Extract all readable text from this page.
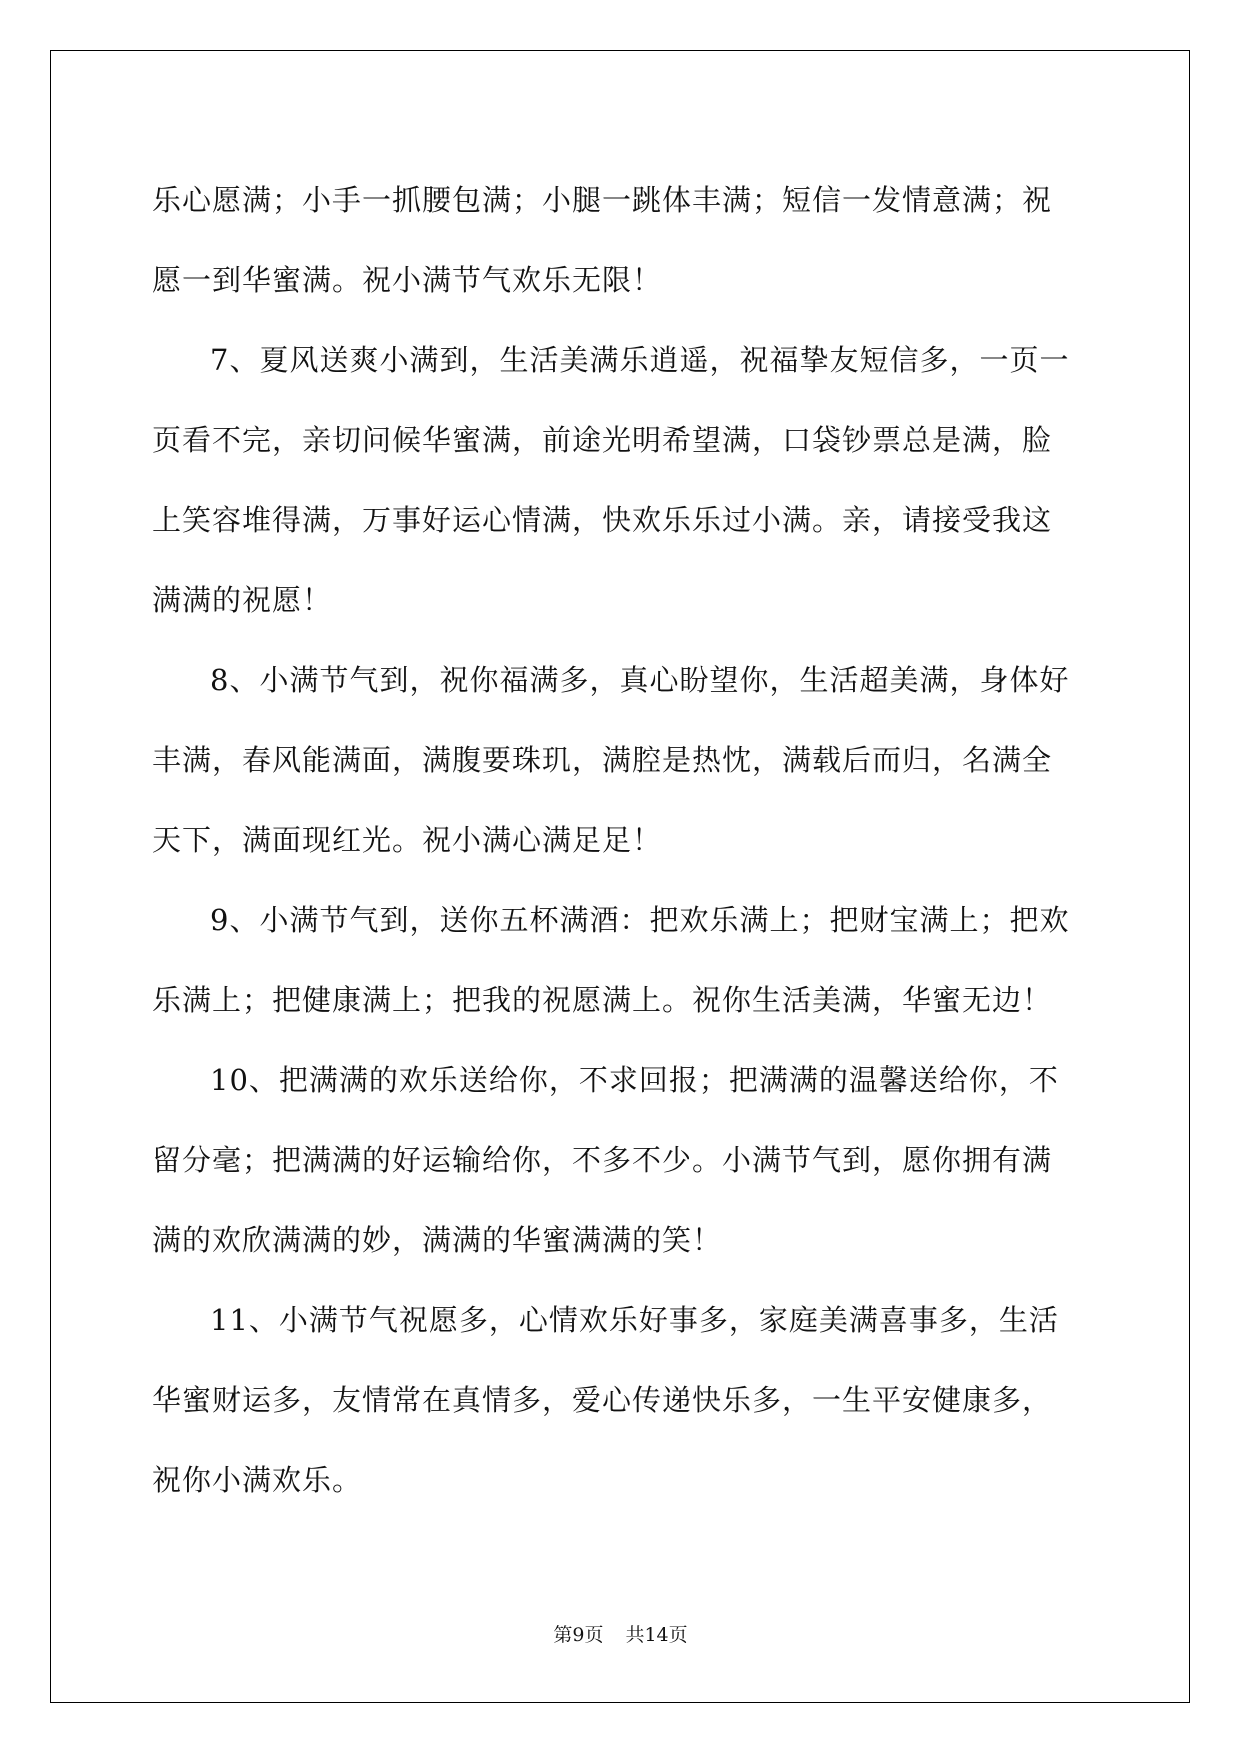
乐心愿满；小手一抓腰包满；小腿一跳体丰满；短信一发情意满；祝
愿一到华蜜满。祝小满节气欢乐无限！
7、夏风送爽小满到，生活美满乐逍遥，祝福挚友短信多，一页一
页看不完，亲切问候华蜜满，前途光明希望满，口袋钞票总是满，脸
上笑容堆得满，万事好运心情满，快欢乐乐过小满。亲，请接受我这
满满的祝愿！
8、小满节气到，祝你福满多，真心盼望你，生活超美满，身体好
丰满，春风能满面，满腹要珠玑，满腔是热忱，满载后而归，名满全
天下，满面现红光。祝小满心满足足！
9、小满节气到，送你五杯满酒：把欢乐满上；把财宝满上；把欢
乐满上；把健康满上；把我的祝愿满上。祝你生活美满，华蜜无边！
10、把满满的欢乐送给你，不求回报；把满满的温馨送给你，不
留分毫；把满满的好运输给你，不多不少。小满节气到，愿你拥有满
满的欢欣满满的妙，满满的华蜜满满的笑！
11、小满节气祝愿多，心情欢乐好事多，家庭美满喜事多，生活
华蜜财运多，友情常在真情多，爱心传递快乐多，一生平安健康多，
祝你小满欢乐。
第9页 共14页
